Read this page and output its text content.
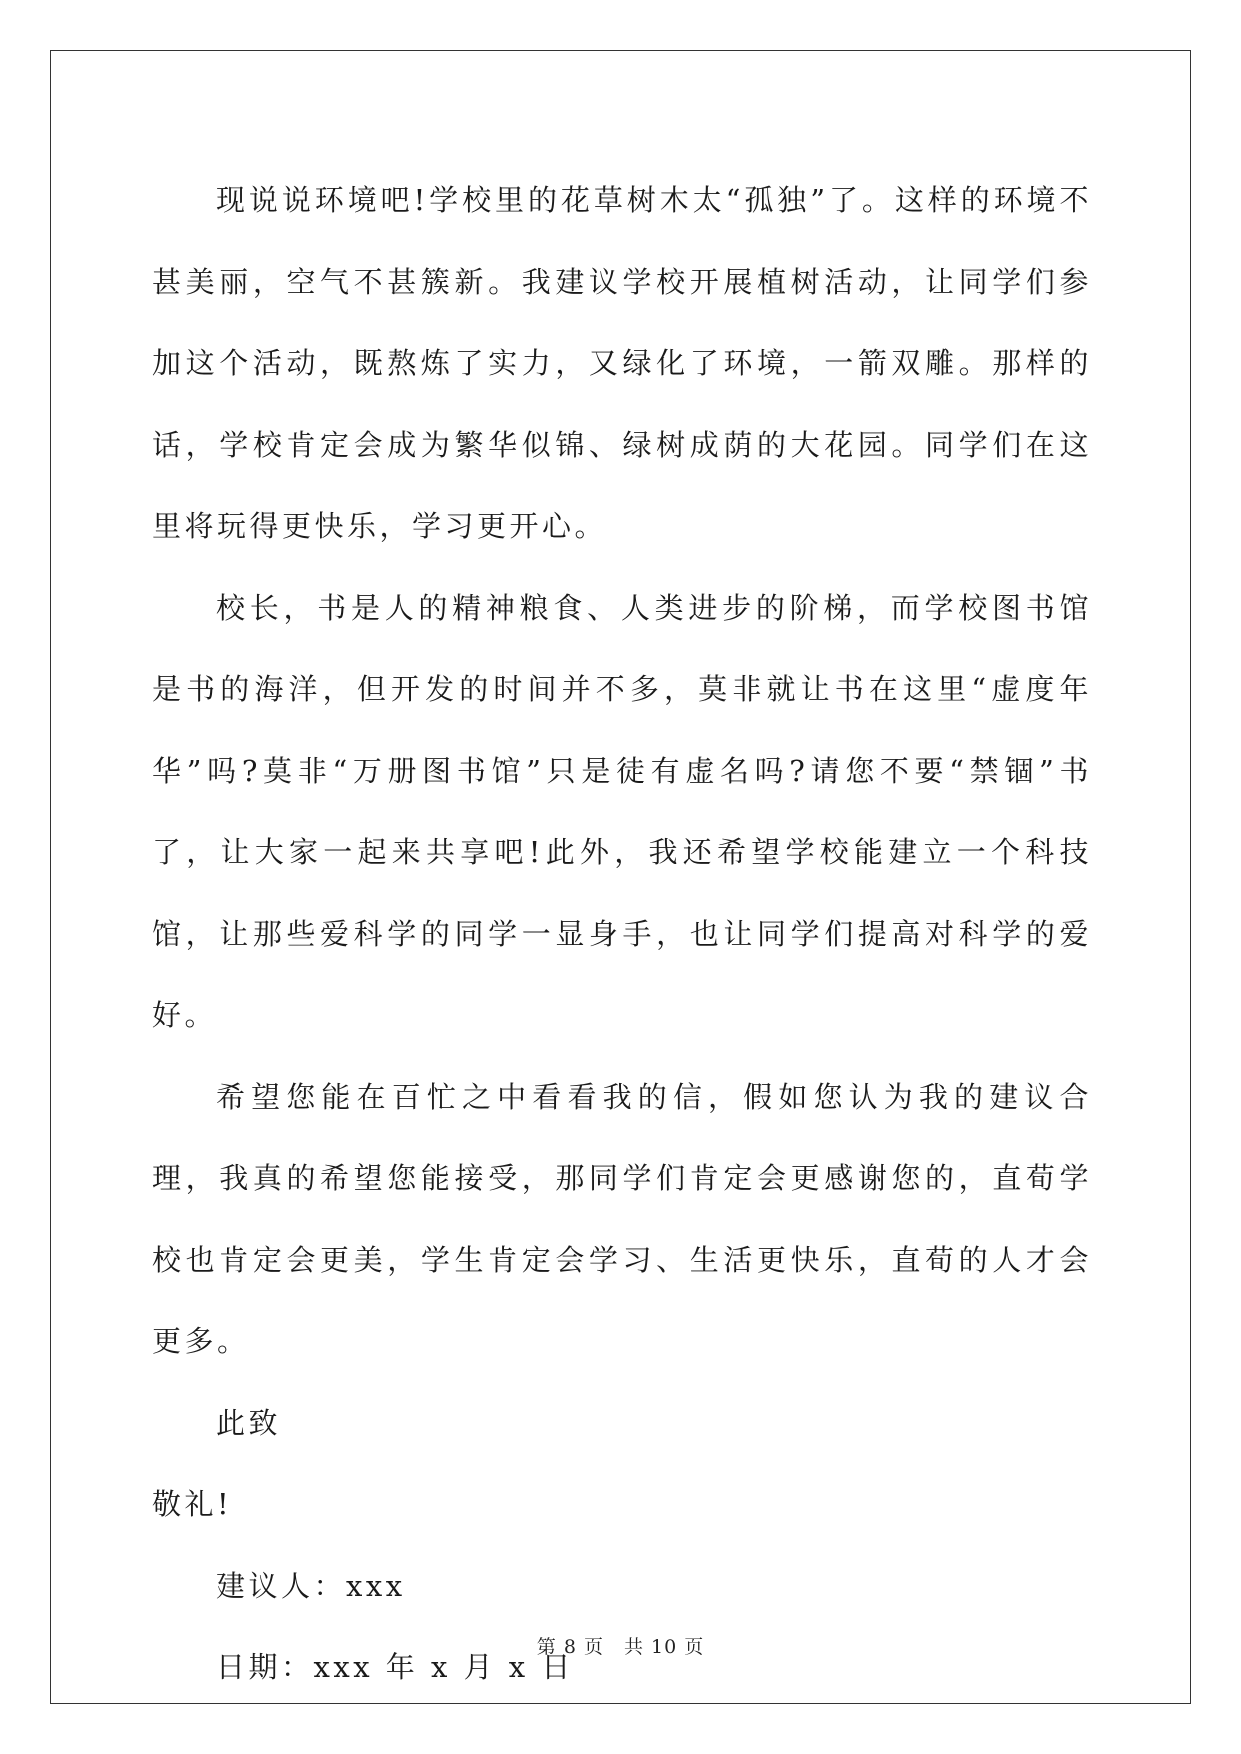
现说说环境吧!学校里的花草树木太“孤独”了。这样的环境不甚美丽，空气不甚簇新。我建议学校开展植树活动，让同学们参加这个活动，既熬炼了实力，又绿化了环境，一箭双雕。那样的话，学校肯定会成为繁华似锦、绿树成荫的大花园。同学们在这里将玩得更快乐，学习更开心。

校长，书是人的精神粮食、人类进步的阶梯，而学校图书馆是书的海洋，但开发的时间并不多，莫非就让书在这里“虚度年华”吗?莫非“万册图书馆”只是徒有虚名吗?请您不要“禁锢”书了，让大家一起来共享吧!此外，我还希望学校能建立一个科技馆，让那些爱科学的同学一显身手，也让同学们提高对科学的爱好。

希望您能在百忙之中看看我的信，假如您认为我的建议合理，我真的希望您能接受，那同学们肯定会更感谢您的，直荀学校也肯定会更美，学生肯定会学习、生活更快乐，直荀的人才会更多。

此致

敬礼!

建议人：xxx

日期：xxx 年 x 月 x 日

第 8 页　共 10 页
